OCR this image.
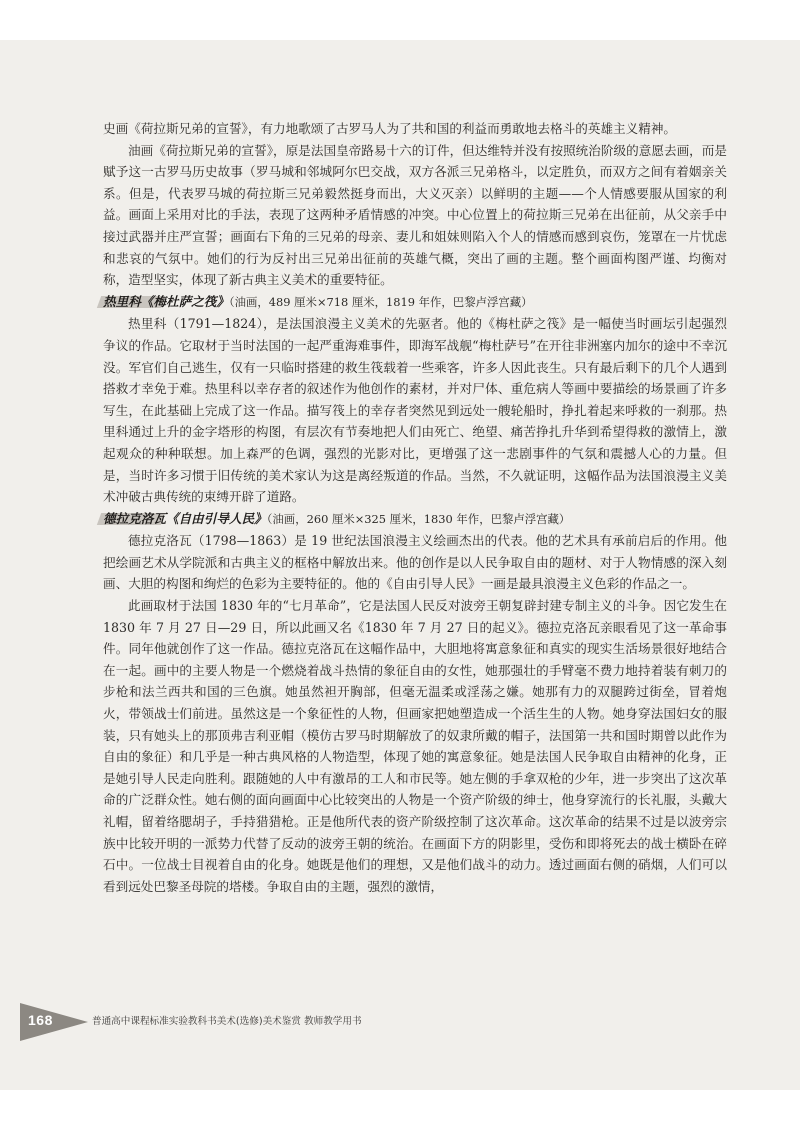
史画《荷拉斯兄弟的宣誓》，有力地歌颂了古罗马人为了共和国的利益而勇敢地去格斗的英雄主义精神。

油画《荷拉斯兄弟的宣誓》，原是法国皇帝路易十六的订件，但达维特并没有按照统治阶级的意愿去画，而是赋予这一古罗马历史故事（罗马城和邻城阿尔巴交战，双方各派三兄弟格斗，以定胜负，而双方之间有着姻亲关系。但是，代表罗马城的荷拉斯三兄弟毅然挺身而出，大义灭亲）以鲜明的主题——个人情感要服从国家的利益。画面上采用对比的手法，表现了这两种矛盾情感的冲突。中心位置上的荷拉斯三兄弟在出征前，从父亲手中接过武器并庄严宣誓；画面右下角的三兄弟的母亲、妻儿和姐妹则陷入个人的情感而感到哀伤，笼罩在一片忧虑和悲哀的气氛中。她们的行为反衬出三兄弟出征前的英雄气概，突出了画的主题。整个画面构图严谨、均衡对称，造型坚实，体现了新古典主义美术的重要特征。

热里科《梅杜萨之筏》（油画，489 厘米×718 厘米，1819 年作，巴黎卢浮宫藏）

热里科（1791—1824），是法国浪漫主义美术的先驱者。他的《梅杜萨之筏》是一幅使当时画坛引起强烈争议的作品。它取材于当时法国的一起严重海难事件，即海军战舰“梅杜萨号”在开往非洲塞内加尔的途中不幸沉没。军官们自己逃生，仅有一只临时搭建的救生筏载着一些乘客，许多人因此丧生。只有最后剩下的几个人遇到搭救才幸免于难。热里科以幸存者的叙述作为他创作的素材，并对尸体、重危病人等画中要描绘的场景画了许多写生，在此基础上完成了这一作品。描写筏上的幸存者突然见到远处一艘轮船时，挣扎着起来呼救的一刹那。热里科通过上升的金字塔形的构图，有层次有节奏地把人们由死亡、绝望、痛苦挣扎升华到希望得救的激情上，激起观众的种种联想。加上森严的色调，强烈的光影对比，更增强了这一悲剧事件的气氛和震撼人心的力量。但是，当时许多习惯于旧传统的美术家认为这是离经叛道的作品。当然，不久就证明，这幅作品为法国浪漫主义美术冲破古典传统的束缚开辟了道路。

德拉克洛瓦《自由引导人民》（油画，260 厘米×325 厘米，1830 年作，巴黎卢浮宫藏）

德拉克洛瓦（1798—1863）是 19 世纪法国浪漫主义绘画杰出的代表。他的艺术具有承前启后的作用。他把绘画艺术从学院派和古典主义的框格中解放出来。他的创作是以人民争取自由的题材、对于人物情感的深入刻画、大胆的构图和绚烂的色彩为主要特征的。他的《自由引导人民》一画是最具浪漫主义色彩的作品之一。

此画取材于法国 1830 年的“七月革命”，它是法国人民反对波旁王朝复辟封建专制主义的斗争。因它发生在 1830 年 7 月 27 日—29 日，所以此画又名《1830 年 7 月 27 日的起义》。德拉克洛瓦亲眼看见了这一革命事件。同年他就创作了这一作品。德拉克洛瓦在这幅作品中，大胆地将寓意象征和真实的现实生活场景很好地结合在一起。画中的主要人物是一个燃烧着战斗热情的象征自由的女性，她那强壮的手臂毫不费力地持着装有刺刀的步枪和法兰西共和国的三色旗。她虽然袒开胸部，但毫无温柔或淫荡之嫌。她那有力的双腿跨过街垒，冒着炮火，带领战士们前进。虽然这是一个象征性的人物，但画家把她塑造成一个活生生的人物。她身穿法国妇女的服装，只有她头上的那顶弗吉利亚帽（模仿古罗马时期解放了的奴隶所戴的帽子，法国第一共和国时期曾以此作为自由的象征）和几乎是一种古典风格的人物造型，体现了她的寓意象征。她是法国人民争取自由精神的化身，正是她引导人民走向胜利。跟随她的人中有激昂的工人和市民等。她左侧的手拿双枪的少年，进一步突出了这次革命的广泛群众性。她右侧的面向画面中心比较突出的人物是一个资产阶级的绅士，他身穿流行的长礼服，头戴大礼帽，留着络腮胡子，手持猎猎枪。正是他所代表的资产阶级控制了这次革命。这次革命的结果不过是以波旁宗族中比较开明的一派势力代替了反动的波旁王朝的统治。在画面下方的阴影里，受伤和即将死去的战士横卧在碎石中。一位战士目视着自由的化身。她既是他们的理想，又是他们战斗的动力。透过画面右侧的硝烟，人们可以看到远处巴黎圣母院的塔楼。争取自由的主题，强烈的激情，

168	普通高中课程标准实验教科书美术(选修)美术鉴赏 教师教学用书
